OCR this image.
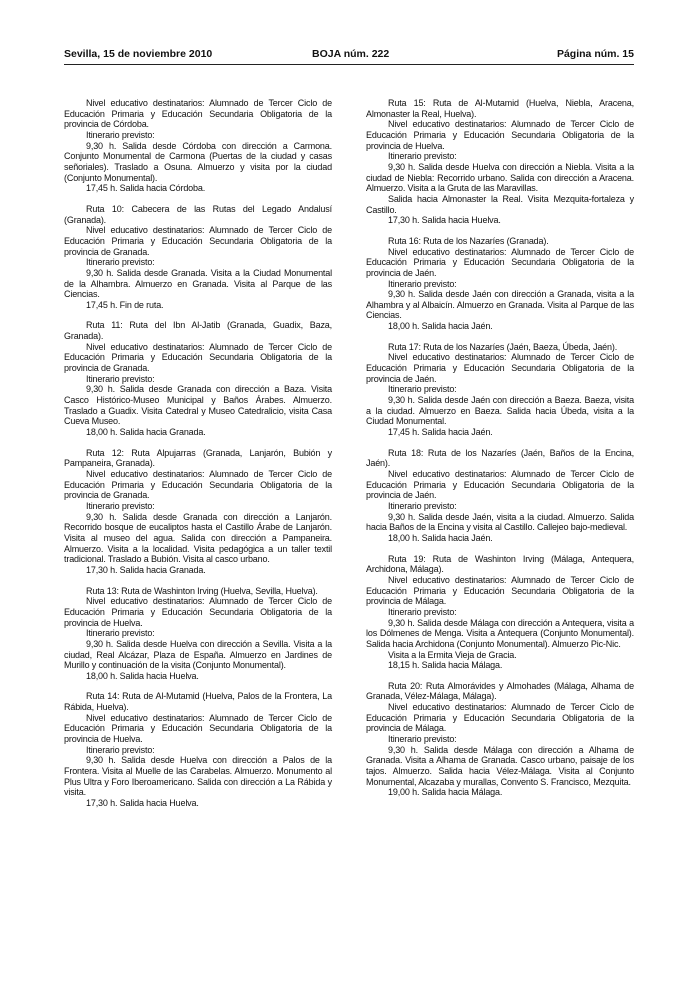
Sevilla, 15 de noviembre 2010	BOJA núm. 222	Página núm. 15

Nivel educativo destinatarios: Alumnado de Tercer Ciclo de Educación Primaria y Educación Secundaria Obligatoria de la provincia de Córdoba.

Itinerario previsto:

9,30 h. Salida desde Córdoba con dirección a Carmona. Conjunto Monumental de Carmona (Puertas de la ciudad y casas señoriales). Traslado a Osuna. Almuerzo y visita por la ciudad (Conjunto Monumental).

17,45 h. Salida hacia Córdoba.

Ruta 10: Cabecera de las Rutas del Legado Andalusí (Granada).

Nivel educativo destinatarios: Alumnado de Tercer Ciclo de Educación Primaria y Educación Secundaria Obligatoria de la provincia de Granada.

Itinerario previsto:

9,30 h. Salida desde Granada. Visita a la Ciudad Monumental de la Alhambra. Almuerzo en Granada. Visita al Parque de las Ciencias.

17,45 h. Fin de ruta.

Ruta 11: Ruta del Ibn Al-Jatib (Granada, Guadix, Baza, Granada).

Nivel educativo destinatarios: Alumnado de Tercer Ciclo de Educación Primaria y Educación Secundaria Obligatoria de la provincia de Granada.

Itinerario previsto:

9,30 h. Salida desde Granada con dirección a Baza. Visita Casco Histórico-Museo Municipal y Baños Árabes. Almuerzo. Traslado a Guadix. Visita Catedral y Museo Catedralicio, visita Casa Cueva Museo.

18,00 h. Salida hacia Granada.

Ruta 12: Ruta Alpujarras (Granada, Lanjarón, Bubión y Pampaneira, Granada).

Nivel educativo destinatarios: Alumnado de Tercer Ciclo de Educación Primaria y Educación Secundaria Obligatoria de la provincia de Granada.

Itinerario previsto:

9,30 h. Salida desde Granada con dirección a Lanjarón. Recorrido bosque de eucaliptos hasta el Castillo Árabe de Lanjarón. Visita al museo del agua. Salida con dirección a Pampaneira. Almuerzo. Visita a la localidad. Visita pedagógica a un taller textil tradicional. Traslado a Bubión. Visita al casco urbano.

17,30 h. Salida hacia Granada.

Ruta 13: Ruta de Washinton Irving (Huelva, Sevilla, Huelva).

Nivel educativo destinatarios: Alumnado de Tercer Ciclo de Educación Primaria y Educación Secundaria Obligatoria de la provincia de Huelva.

Itinerario previsto:

9,30 h. Salida desde Huelva con dirección a Sevilla. Visita a la ciudad, Real Alcázar, Plaza de España. Almuerzo en Jardines de Murillo y continuación de la visita (Conjunto Monumental).

18,00 h. Salida hacia Huelva.

Ruta 14: Ruta de Al-Mutamid (Huelva, Palos de la Frontera, La Rábida, Huelva).

Nivel educativo destinatarios: Alumnado de Tercer Ciclo de Educación Primaria y Educación Secundaria Obligatoria de la provincia de Huelva.

Itinerario previsto:

9,30 h. Salida desde Huelva con dirección a Palos de la Frontera. Visita al Muelle de las Carabelas. Almuerzo. Monumento al Plus Ultra y Foro Iberoamericano. Salida con dirección a La Rábida y visita.

17,30 h. Salida hacia Huelva.

Ruta 15: Ruta de Al-Mutamid (Huelva, Niebla, Aracena, Almonaster la Real, Huelva).

Nivel educativo destinatarios: Alumnado de Tercer Ciclo de Educación Primaria y Educación Secundaria Obligatoria de la provincia de Huelva.

Itinerario previsto:

9,30 h. Salida desde Huelva con dirección a Niebla. Visita a la ciudad de Niebla: Recorrido urbano. Salida con dirección a Aracena. Almuerzo. Visita a la Gruta de las Maravillas.

Salida hacia Almonaster la Real. Visita Mezquita-fortaleza y Castillo.

17,30 h. Salida hacia Huelva.

Ruta 16: Ruta de los Nazaríes (Granada).

Nivel educativo destinatarios: Alumnado de Tercer Ciclo de Educación Primaria y Educación Secundaria Obligatoria de la provincia de Jaén.

Itinerario previsto:

9,30 h. Salida desde Jaén con dirección a Granada, visita a la Alhambra y al Albaicín. Almuerzo en Granada. Visita al Parque de las Ciencias.

18,00 h. Salida hacia Jaén.

Ruta 17: Ruta de los Nazaríes (Jaén, Baeza, Úbeda, Jaén).

Nivel educativo destinatarios: Alumnado de Tercer Ciclo de Educación Primaria y Educación Secundaria Obligatoria de la provincia de Jaén.

Itinerario previsto:

9,30 h. Salida desde Jaén con dirección a Baeza. Baeza, visita a la ciudad. Almuerzo en Baeza. Salida hacia Úbeda, visita a la Ciudad Monumental.

17,45 h. Salida hacia Jaén.

Ruta 18: Ruta de los Nazaríes (Jaén, Baños de la Encina, Jaén).

Nivel educativo destinatarios: Alumnado de Tercer Ciclo de Educación Primaria y Educación Secundaria Obligatoria de la provincia de Jaén.

Itinerario previsto:

9,30 h. Salida desde Jaén, visita a la ciudad. Almuerzo. Salida hacia Baños de la Encina y visita al Castillo. Callejeo bajo-medieval.

18,00 h. Salida hacia Jaén.

Ruta 19: Ruta de Washinton Irving (Málaga, Antequera, Archidona, Málaga).

Nivel educativo destinatarios: Alumnado de Tercer Ciclo de Educación Primaria y Educación Secundaria Obligatoria de la provincia de Málaga.

Itinerario previsto:

9,30 h. Salida desde Málaga con dirección a Antequera, visita a los Dólmenes de Menga. Visita a Antequera (Conjunto Monumental). Salida hacia Archidona (Conjunto Monumental). Almuerzo Pic-Nic.

Visita a la Ermita Vieja de Gracia.

18,15 h. Salida hacia Málaga.

Ruta 20: Ruta Almorávides y Almohades (Málaga, Alhama de Granada, Vélez-Málaga, Málaga).

Nivel educativo destinatarios: Alumnado de Tercer Ciclo de Educación Primaria y Educación Secundaria Obligatoria de la provincia de Málaga.

Itinerario previsto:

9,30 h. Salida desde Málaga con dirección a Alhama de Granada. Visita a Alhama de Granada. Casco urbano, paisaje de los tajos. Almuerzo. Salida hacia Vélez-Málaga. Visita al Conjunto Monumental, Alcazaba y murallas, Convento S. Francisco, Mezquita.

19,00 h. Salida hacia Málaga.
